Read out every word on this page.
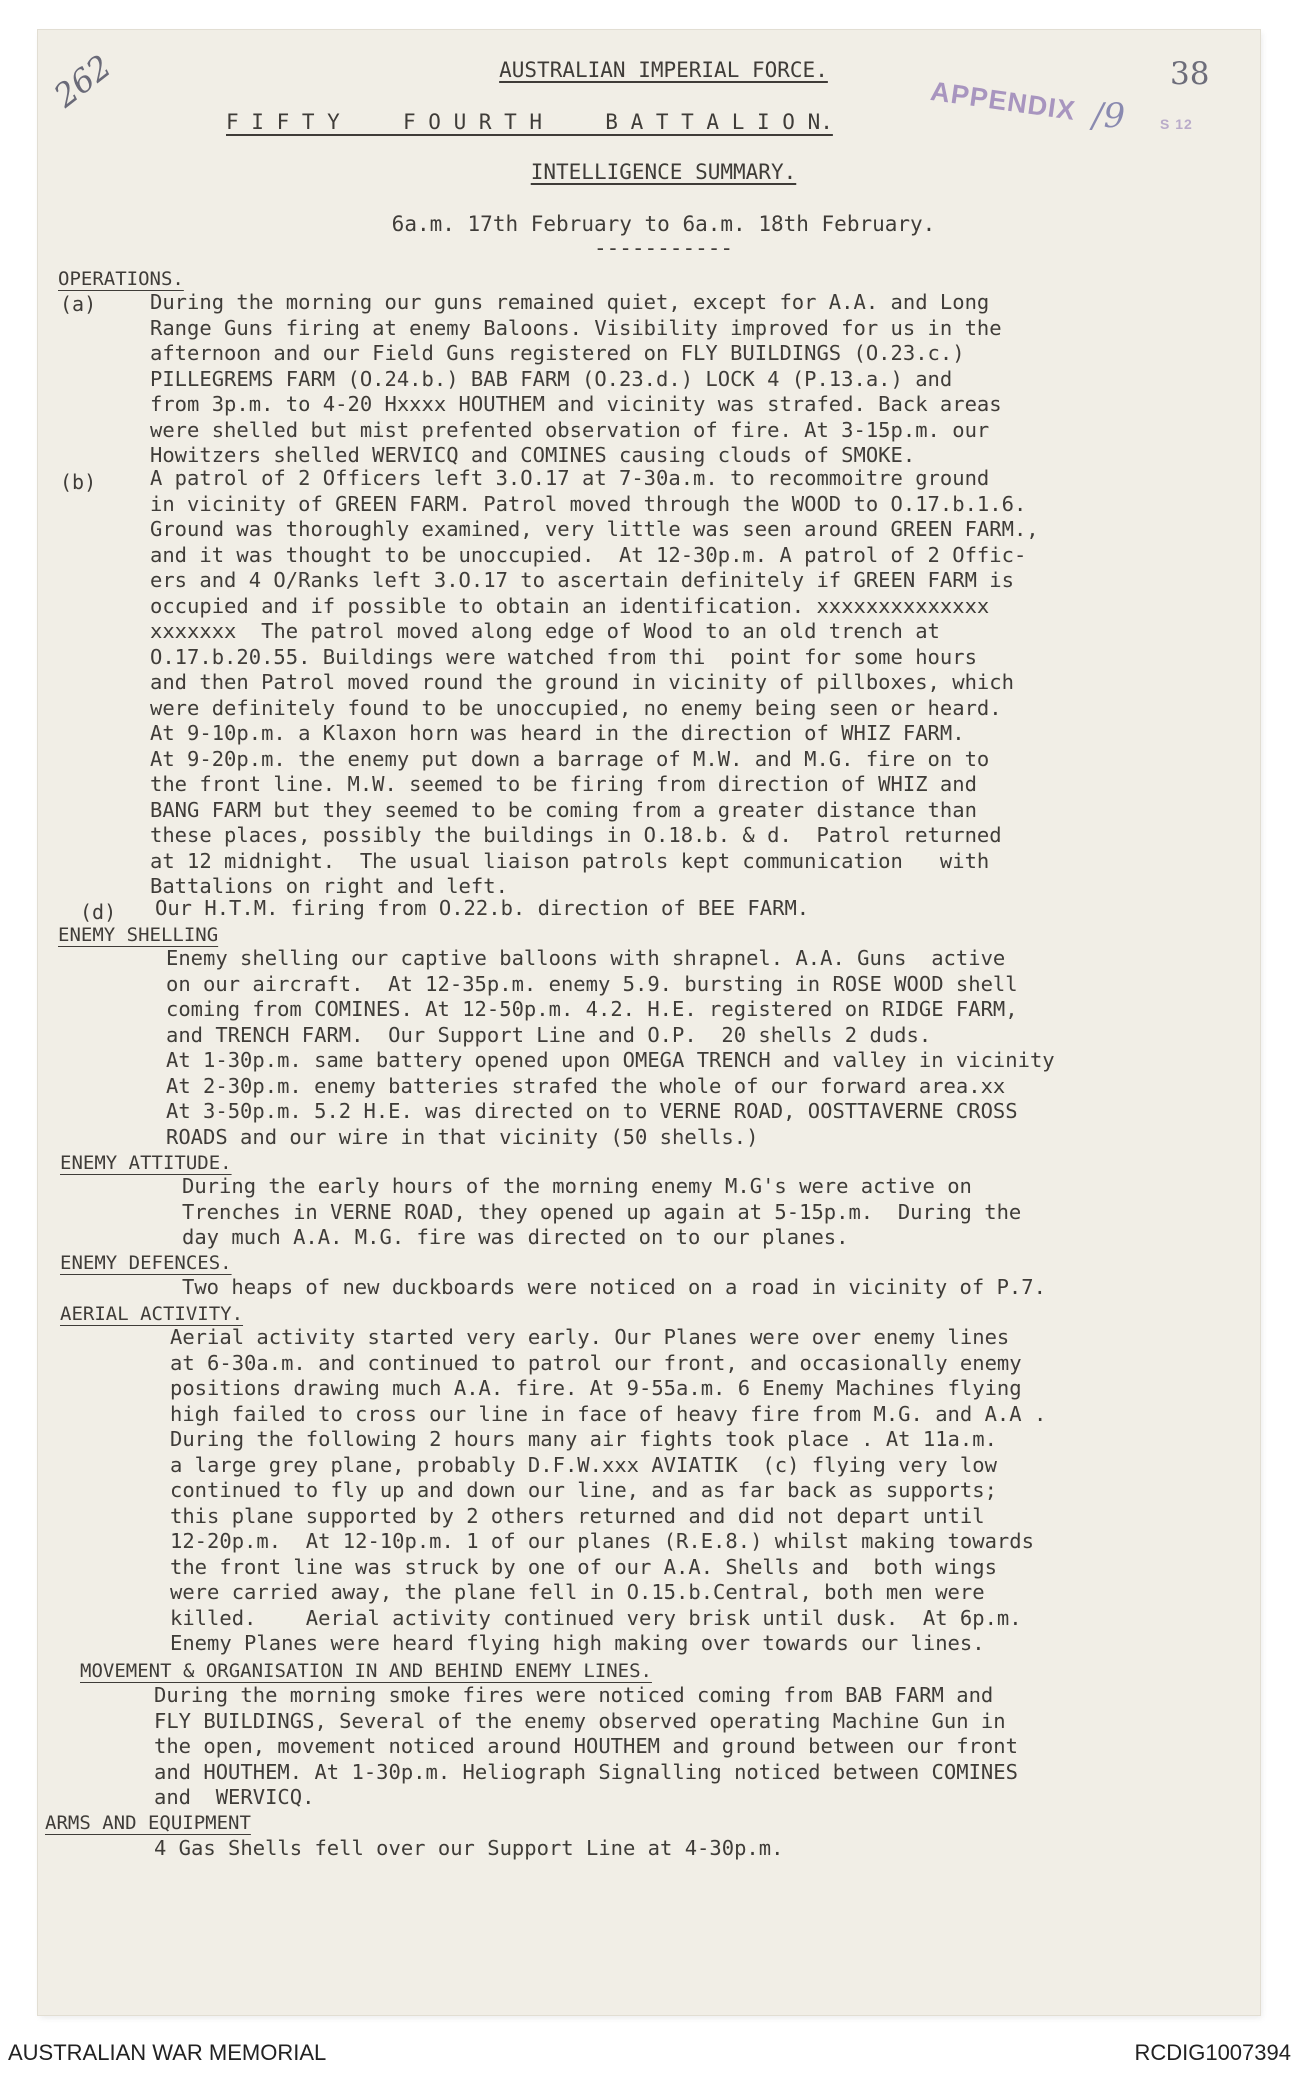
262	38
APPENDIX /9 S 12
AUSTRALIAN IMPERIAL FORCE.
F I F T Y     F O U R T H     B A T T A L I O N.
INTELLIGENCE SUMMARY.
6a.m. 17th February to 6a.m. 18th February.
-----------
OPERATIONS.
(a)	During the morning our guns remained quiet, except for A.A. and Long
Range Guns firing at enemy Baloons. Visibility improved for us in the
afternoon and our Field Guns registered on FLY BUILDINGS (O.23.c.)
PILLEGREMS FARM (O.24.b.) BAB FARM (O.23.d.) LOCK 4 (P.13.a.) and
from 3p.m. to 4-20 Hxxxx HOUTHEM and vicinity was strafed. Back areas
were shelled but mist prefented observation of fire. At 3-15p.m. our
Howitzers shelled WERVICQ and COMINES causing clouds of SMOKE.
(b)	A patrol of 2 Officers left 3.O.17 at 7-30a.m. to recommoitre ground
in vicinity of GREEN FARM. Patrol moved through the WOOD to O.17.b.1.6.
Ground was thoroughly examined, very little was seen around GREEN FARM.,
and it was thought to be unoccupied.  At 12-30p.m. A patrol of 2 Offic-
ers and 4 O/Ranks left 3.O.17 to ascertain definitely if GREEN FARM is
occupied and if possible to obtain an identification. xxxxxxxxxxxxxx
xxxxxxx  The patrol moved along edge of Wood to an old trench at
O.17.b.20.55. Buildings were watched from thi  point for some hours
and then Patrol moved round the ground in vicinity of pillboxes, which
were definitely found to be unoccupied, no enemy being seen or heard.
At 9-10p.m. a Klaxon horn was heard in the direction of WHIZ FARM.
At 9-20p.m. the enemy put down a barrage of M.W. and M.G. fire on to
the front line. M.W. seemed to be firing from direction of WHIZ and
BANG FARM but they seemed to be coming from a greater distance than
these places, possibly the buildings in O.18.b. & d.  Patrol returned
at 12 midnight.  The usual liaison patrols kept communication   with
Battalions on right and left.
(d) Our H.T.M. firing from O.22.b. direction of BEE FARM.
ENEMY SHELLING
Enemy shelling our captive balloons with shrapnel. A.A. Guns  active
on our aircraft.  At 12-35p.m. enemy 5.9. bursting in ROSE WOOD shell
coming from COMINES. At 12-50p.m. 4.2. H.E. registered on RIDGE FARM,
and TRENCH FARM.  Our Support Line and O.P.  20 shells 2 duds.
At 1-30p.m. same battery opened upon OMEGA TRENCH and valley in vicinity
At 2-30p.m. enemy batteries strafed the whole of our forward area.xx
At 3-50p.m. 5.2 H.E. was directed on to VERNE ROAD, OOSTTAVERNE CROSS
ROADS and our wire in that vicinity (50 shells.)
ENEMY ATTITUDE.
During the early hours of the morning enemy M.G's were active on
Trenches in VERNE ROAD, they opened up again at 5-15p.m.  During the
day much A.A. M.G. fire was directed on to our planes.
ENEMY DEFENCES.
Two heaps of new duckboards were noticed on a road in vicinity of P.7.
AERIAL ACTIVITY.
Aerial activity started very early. Our Planes were over enemy lines
at 6-30a.m. and continued to patrol our front, and occasionally enemy
positions drawing much A.A. fire. At 9-55a.m. 6 Enemy Machines flying
high failed to cross our line in face of heavy fire from M.G. and A.A .
During the following 2 hours many air fights took place . At 11a.m.
a large grey plane, probably D.F.W.xxx AVIATIK  (c) flying very low
continued to fly up and down our line, and as far back as supports;
this plane supported by 2 others returned and did not depart until
12-20p.m.  At 12-10p.m. 1 of our planes (R.E.8.) whilst making towards
the front line was struck by one of our A.A. Shells and  both wings
were carried away, the plane fell in O.15.b.Central, both men were
killed.    Aerial activity continued very brisk until dusk.  At 6p.m.
Enemy Planes were heard flying high making over towards our lines.
MOVEMENT & ORGANISATION IN AND BEHIND ENEMY LINES.
During the morning smoke fires were noticed coming from BAB FARM and
FLY BUILDINGS, Several of the enemy observed operating Machine Gun in
the open, movement noticed around HOUTHEM and ground between our front
and HOUTHEM. At 1-30p.m. Heliograph Signalling noticed between COMINES
and  WERVICQ.
ARMS AND EQUIPMENT
4 Gas Shells fell over our Support Line at 4-30p.m.
AUSTRALIAN WAR MEMORIAL	RCDIG1007394
